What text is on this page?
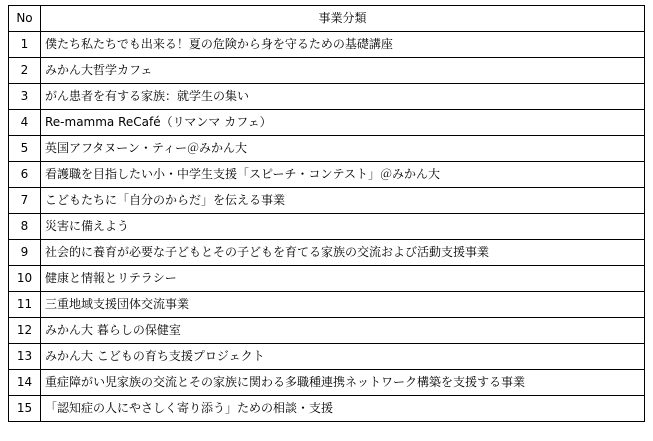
No	事業分類
1	僕たち私たちでも出来る！夏の危険から身を守るための基礎講座
2	みかん大哲学カフェ
3	がん患者を有する家族：就学生の集い
4	Re-mamma ReCafé（リマンマ カフェ）
5	英国アフタヌーン・ティー＠みかん大
6	看護職を目指したい小・中学生支援「スピーチ・コンテスト」＠みかん大
7	こどもたちに「自分のからだ」を伝える事業
8	災害に備えよう
9	社会的に養育が必要な子どもとその子どもを育てる家族の交流および活動支援事業
10	健康と情報とリテラシー
11	三重地域支援団体交流事業
12	みかん大 暮らしの保健室
13	みかん大 こどもの育ち支援プロジェクト
14	重症障がい児家族の交流とその家族に関わる多職種連携ネットワーク構築を支援する事業
15	「認知症の人にやさしく寄り添う」ための相談・支援
